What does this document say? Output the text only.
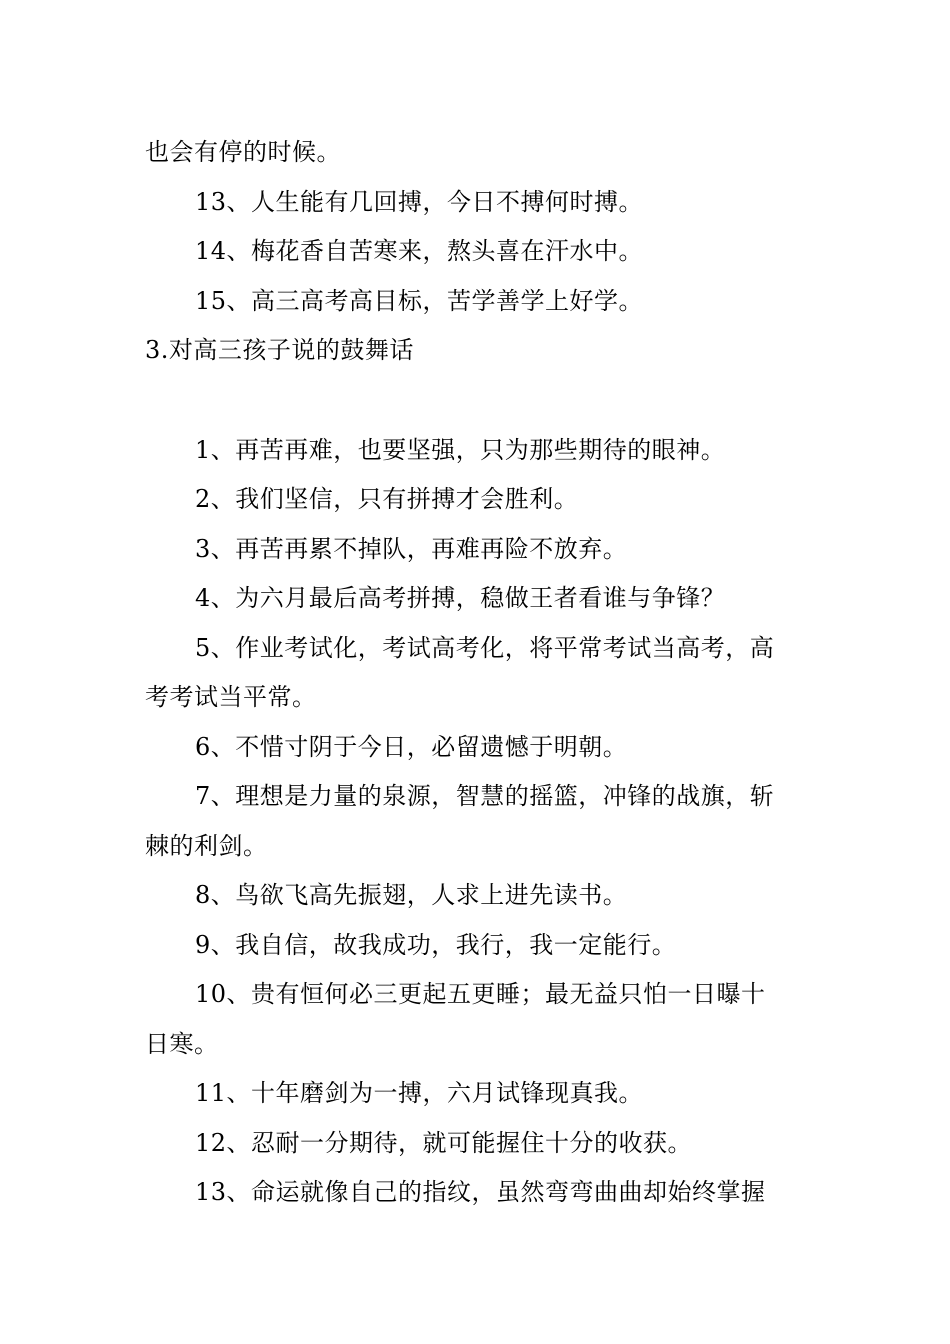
也会有停的时候。
13、人生能有几回搏，今日不搏何时搏。
14、梅花香自苦寒来，熬头喜在汗水中。
15、高三高考高目标，苦学善学上好学。
3.对高三孩子说的鼓舞话
1、再苦再难，也要坚强，只为那些期待的眼神。
2、我们坚信，只有拼搏才会胜利。
3、再苦再累不掉队，再难再险不放弃。
4、为六月最后高考拼搏，稳做王者看谁与争锋？
5、作业考试化，考试高考化，将平常考试当高考，高
考考试当平常。
6、不惜寸阴于今日，必留遗憾于明朝。
7、理想是力量的泉源，智慧的摇篮，冲锋的战旗，斩
棘的利剑。
8、鸟欲飞高先振翅，人求上进先读书。
9、我自信，故我成功，我行，我一定能行。
10、贵有恒何必三更起五更睡；最无益只怕一日曝十
日寒。
11、十年磨剑为一搏，六月试锋现真我。
12、忍耐一分期待，就可能握住十分的收获。
13、命运就像自己的指纹，虽然弯弯曲曲却始终掌握
